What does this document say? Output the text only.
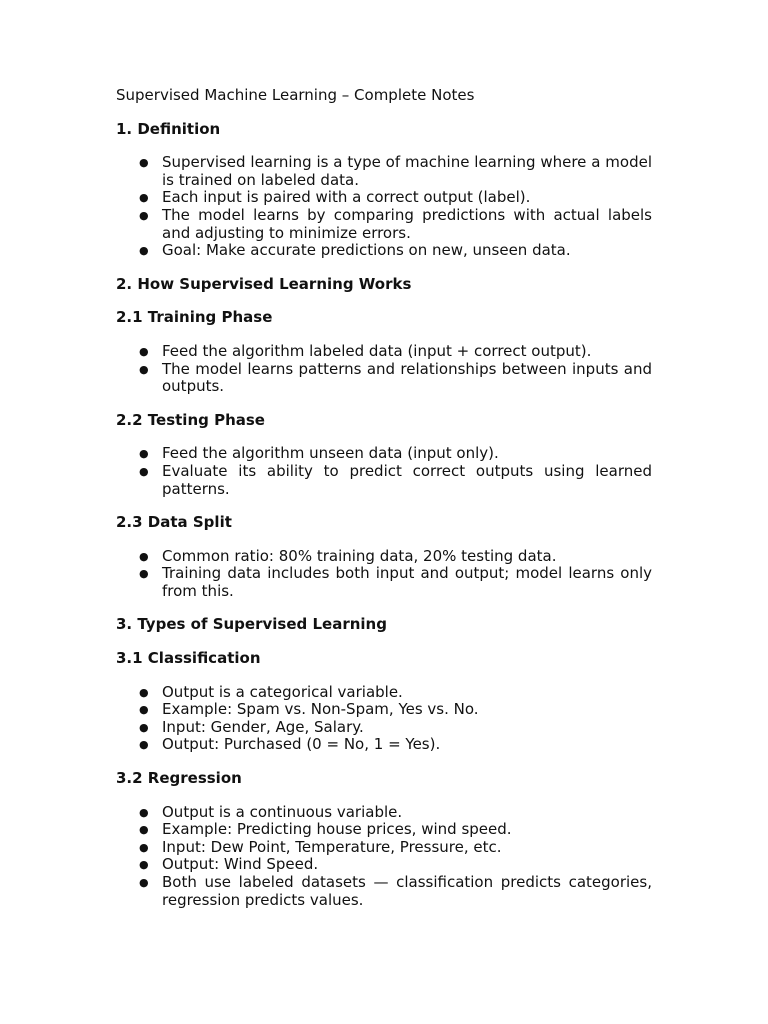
Supervised Machine Learning – Complete Notes
1. Definition
● Supervised learning is a type of machine learning where a model is trained on labeled data.
● Each input is paired with a correct output (label).
● The model learns by comparing predictions with actual labels and adjusting to minimize errors.
● Goal: Make accurate predictions on new, unseen data.
2. How Supervised Learning Works
2.1 Training Phase
● Feed the algorithm labeled data (input + correct output).
● The model learns patterns and relationships between inputs and outputs.
2.2 Testing Phase
● Feed the algorithm unseen data (input only).
● Evaluate its ability to predict correct outputs using learned patterns.
2.3 Data Split
● Common ratio: 80% training data, 20% testing data.
● Training data includes both input and output; model learns only from this.
3. Types of Supervised Learning
3.1 Classification
● Output is a categorical variable.
● Example: Spam vs. Non-Spam, Yes vs. No.
● Input: Gender, Age, Salary.
● Output: Purchased (0 = No, 1 = Yes).
3.2 Regression
● Output is a continuous variable.
● Example: Predicting house prices, wind speed.
● Input: Dew Point, Temperature, Pressure, etc.
● Output: Wind Speed.
● Both use labeled datasets — classification predicts categories, regression predicts values.
